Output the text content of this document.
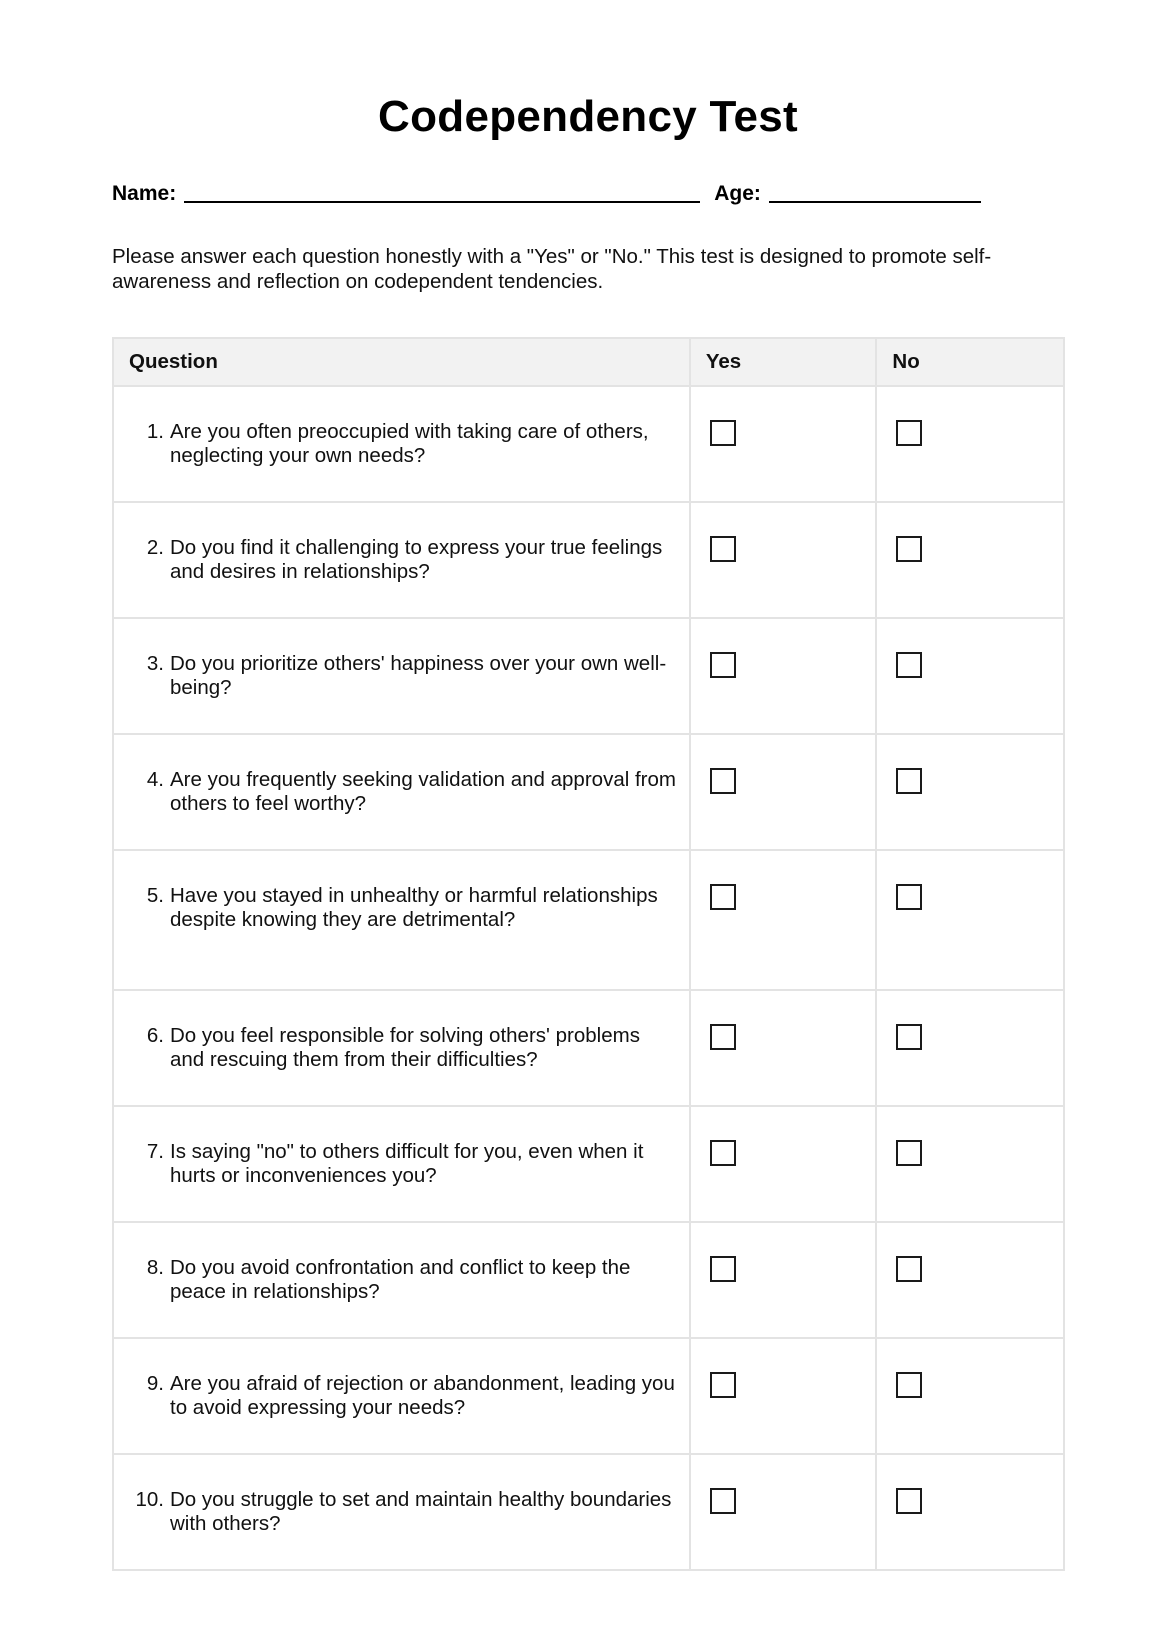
Codependency Test
Name:	Age:
Please answer each question honestly with a "Yes" or "No." This test is designed to promote self-awareness and reflection on codependent tendencies.
Question	Yes	No

1. Are you often preoccupied with taking care of others, neglecting your own needs?		

2. Do you find it challenging to express your true feelings and desires in relationships?		

3. Do you prioritize others' happiness over your own well-being?		

4. Are you frequently seeking validation and approval from others to feel worthy?		

5. Have you stayed in unhealthy or harmful relationships despite knowing they are detrimental?		

6. Do you feel responsible for solving others' problems and rescuing them from their difficulties?		

7. Is saying "no" to others difficult for you, even when it hurts or inconveniences you?		

8. Do you avoid confrontation and conflict to keep the peace in relationships?		

9. Are you afraid of rejection or abandonment, leading you to avoid expressing your needs?		

10. Do you struggle to set and maintain healthy boundaries with others?		
